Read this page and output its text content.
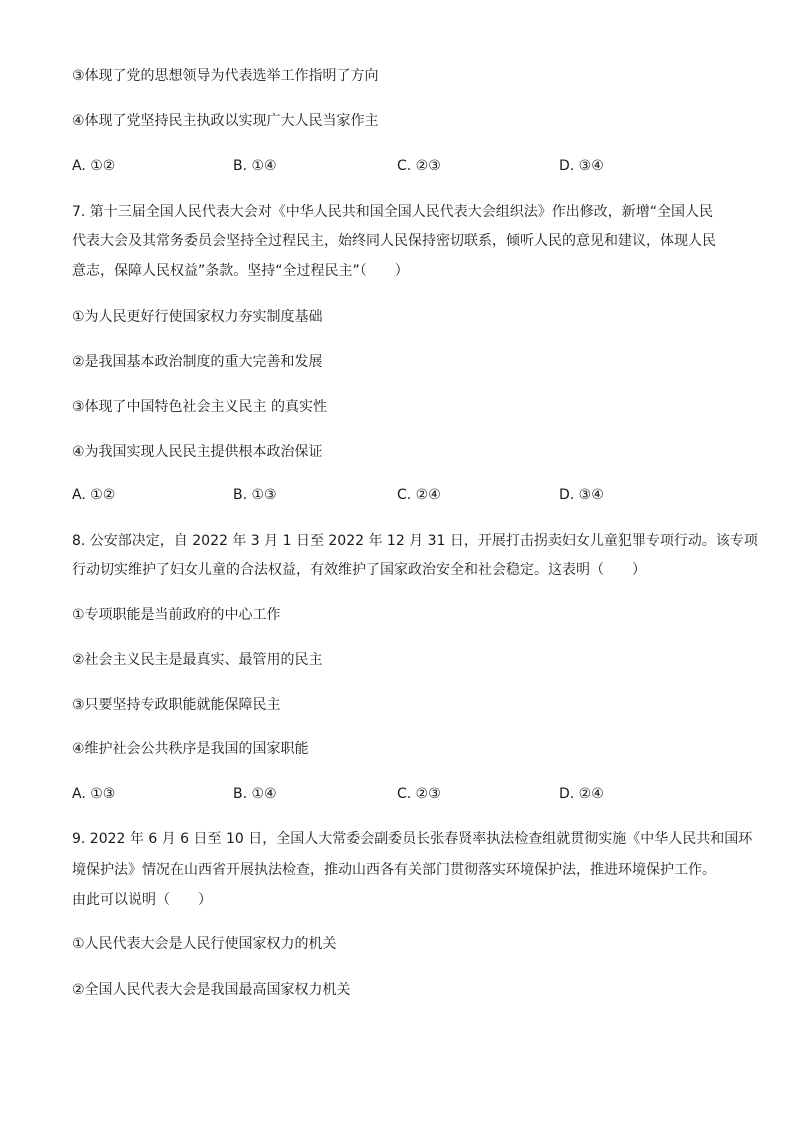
③体现了党的思想领导为代表选举工作指明了方向
④体现了党坚持民主执政以实现广大人民当家作主
A. ①②	B. ①④	C. ②③	D. ③④
7. 第十三届全国人民代表大会对《中华人民共和国全国人民代表大会组织法》作出修改，新增“全国人民
代表大会及其常务委员会坚持全过程民主，始终同人民保持密切联系，倾听人民的意见和建议，体现人民
意志，保障人民权益”条款。坚持“全过程民主”（　　）
①为人民更好行使国家权力夯实制度基础
②是我国基本政治制度的重大完善和发展
③体现了中国特色社会主义民主 的真实性
④为我国实现人民民主提供根本政治保证
A. ①②	B. ①③	C. ②④	D. ③④
8. 公安部决定，自 2022 年 3 月 1 日至 2022 年 12 月 31 日，开展打击拐卖妇女儿童犯罪专项行动。该专项
行动切实维护了妇女儿童的合法权益，有效维护了国家政治安全和社会稳定。这表明（　　）
①专项职能是当前政府的中心工作
②社会主义民主是最真实、最管用的民主
③只要坚持专政职能就能保障民主
④维护社会公共秩序是我国的国家职能
A. ①③	B. ①④	C. ②③	D. ②④
9. 2022 年 6 月 6 日至 10 日，全国人大常委会副委员长张春贤率执法检查组就贯彻实施《中华人民共和国环
境保护法》情况在山西省开展执法检查，推动山西各有关部门贯彻落实环境保护法，推进环境保护工作。
由此可以说明（　　）
①人民代表大会是人民行使国家权力的机关
②全国人民代表大会是我国最高国家权力机关
